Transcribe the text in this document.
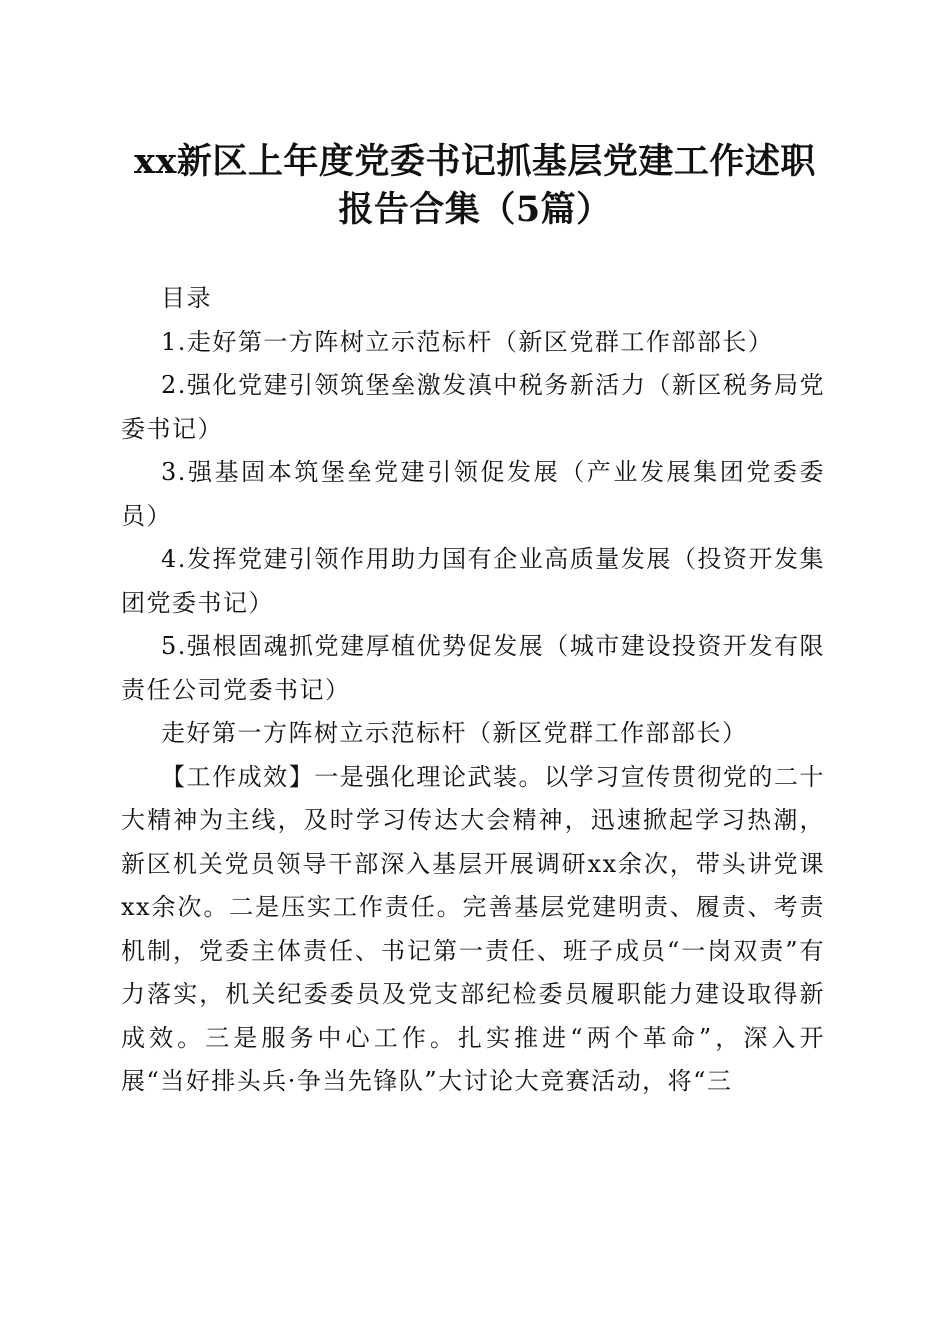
xx新区上年度党委书记抓基层党建工作述职
报告合集（5篇）

目录

1.走好第一方阵树立示范标杆（新区党群工作部部长）

2.强化党建引领筑堡垒激发滇中税务新活力（新区税务局党委书记）

3.强基固本筑堡垒党建引领促发展（产业发展集团党委委员）

4.发挥党建引领作用助力国有企业高质量发展（投资开发集团党委书记）

5.强根固魂抓党建厚植优势促发展（城市建设投资开发有限责任公司党委书记）

走好第一方阵树立示范标杆（新区党群工作部部长）

【工作成效】一是强化理论武装。以学习宣传贯彻党的二十大精神为主线，及时学习传达大会精神，迅速掀起学习热潮，新区机关党员领导干部深入基层开展调研xx余次，带头讲党课xx余次。二是压实工作责任。完善基层党建明责、履责、考责机制，党委主体责任、书记第一责任、班子成员“一岗双责”有力落实，机关纪委委员及党支部纪检委员履职能力建设取得新成效。三是服务中心工作。扎实推进“两个革命”，深入开展“当好排头兵·争当先锋队”大讨论大竞赛活动，将“三
